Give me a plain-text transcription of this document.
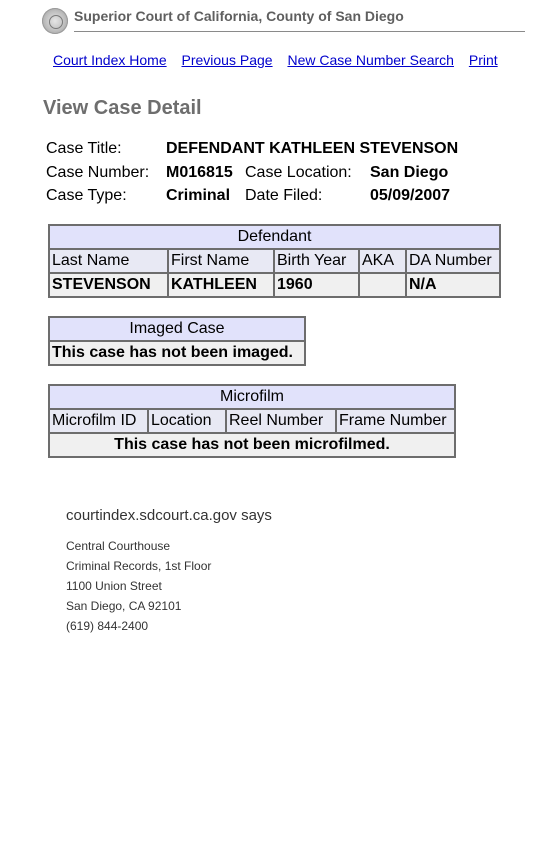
Superior Court of California, County of San Diego
Court Index Home Previous Page New Case Number Search Print
View Case Detail
Case Title:	DEFENDANT KATHLEEN STEVENSON
Case Number: M016815 Case Location: San Diego
Case Type: Criminal Date Filed:	05/09/2007
Defendant				
Last Name	First Name	Birth Year	AKA	DA Number
STEVENSON	KATHLEEN	1960		N/A
Imaged Case
This case has not been imaged.
Microfilm
Microfilm ID	Location	Reel Number	Frame Number
This case has not been microfilmed.
courtindex.sdcourt.ca.gov says
Central Courthouse
Criminal Records, 1st Floor
1100 Union Street
San Diego, CA 92101
(619) 844-2400
